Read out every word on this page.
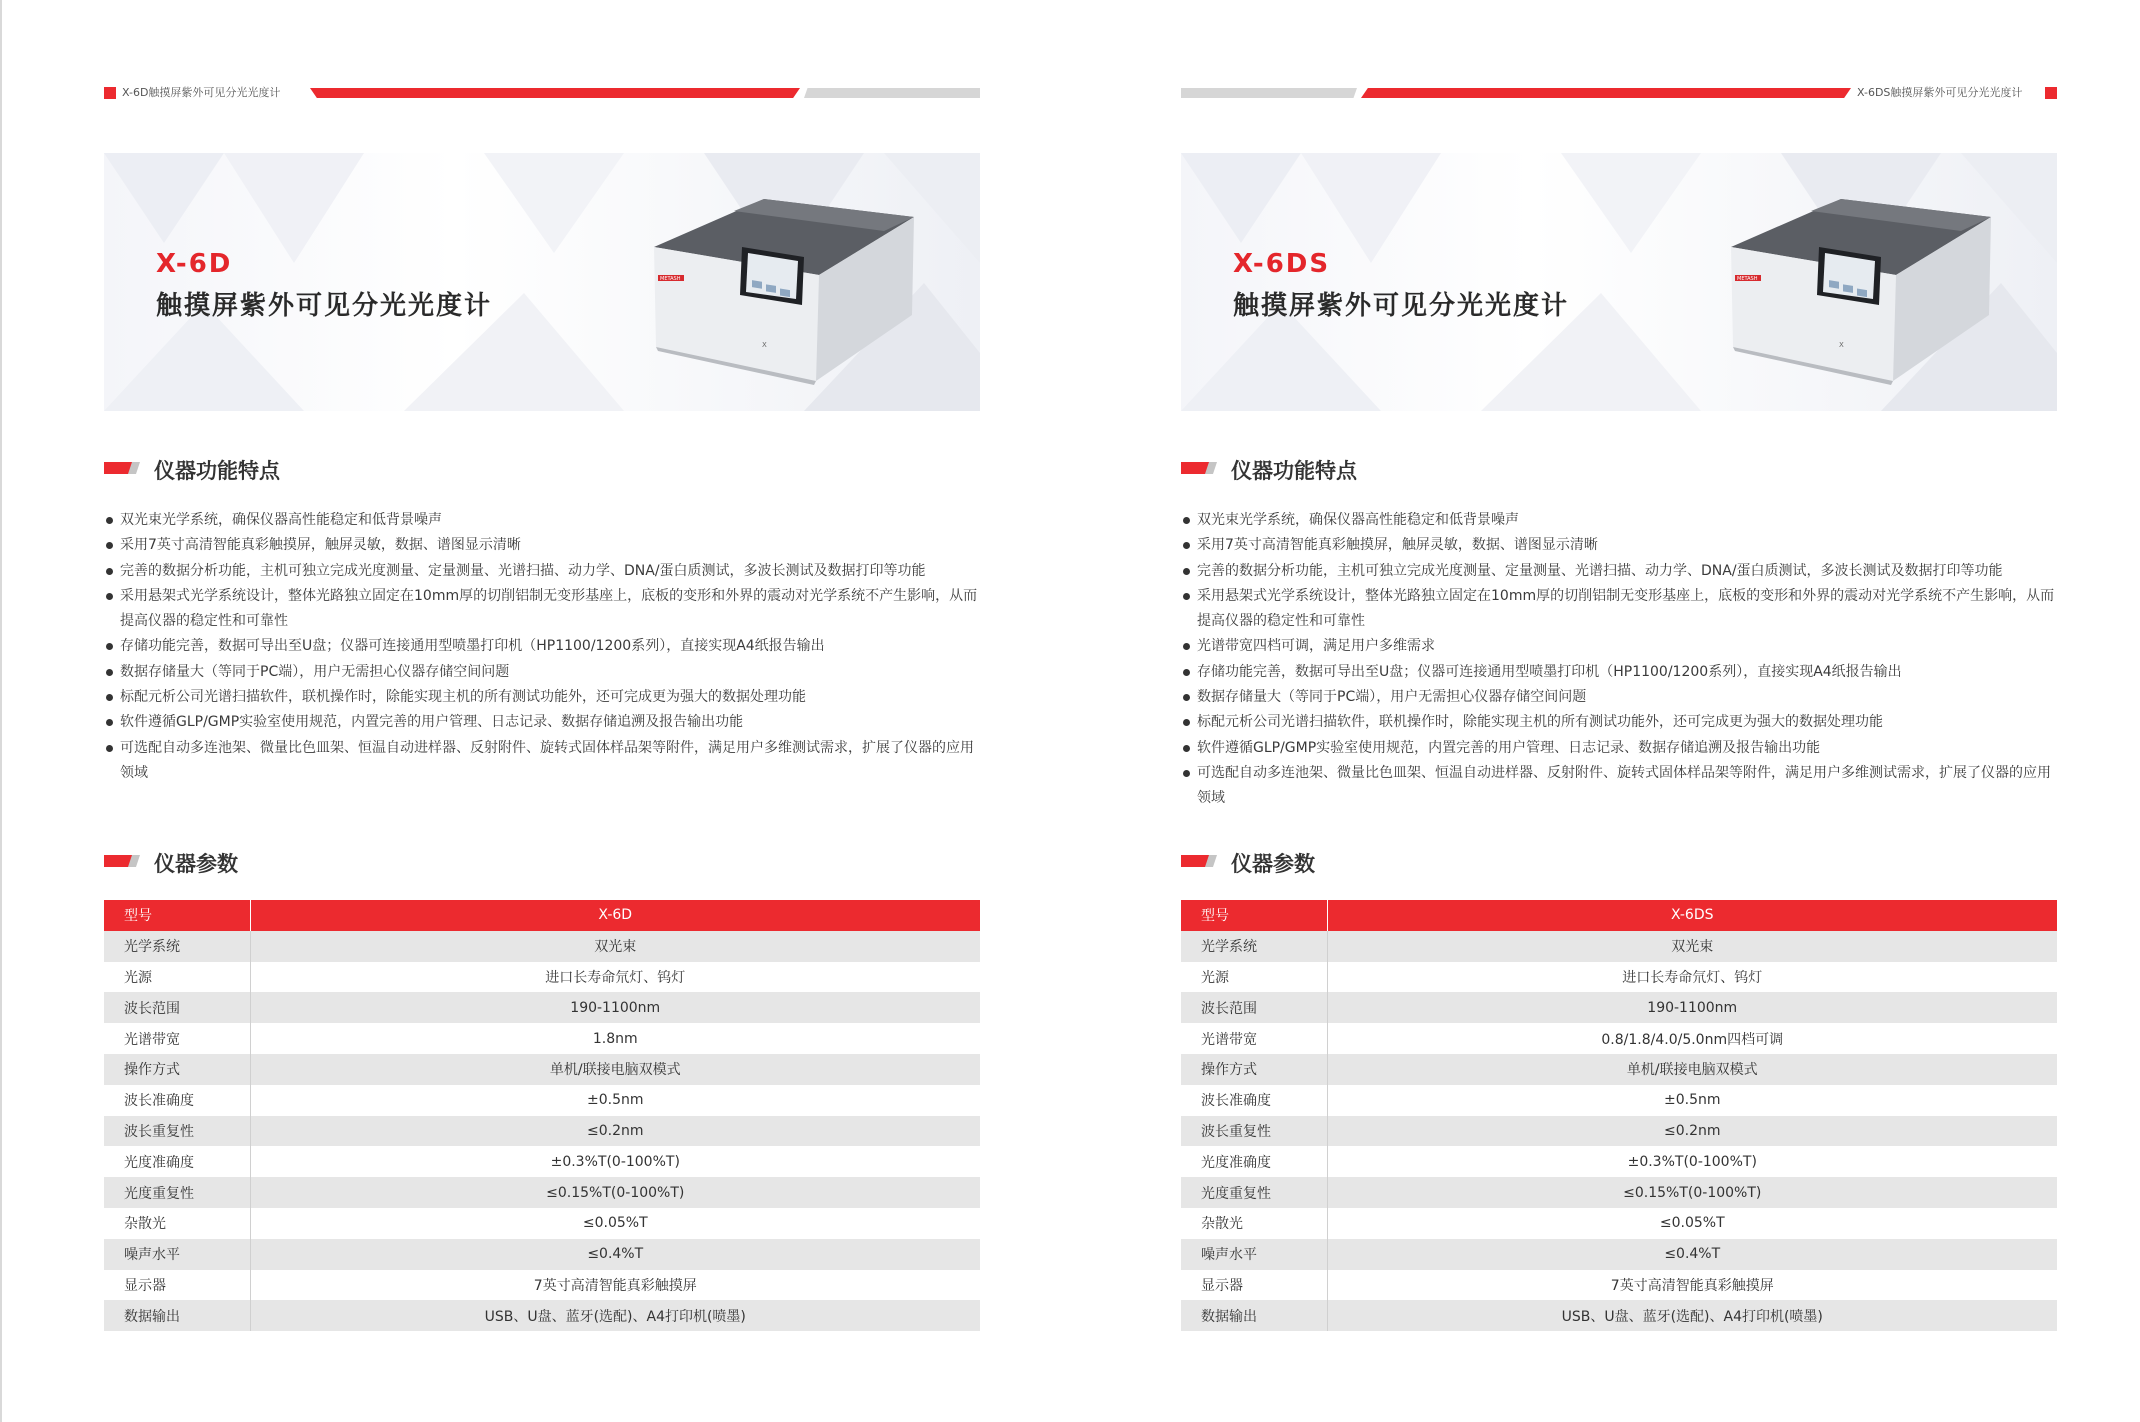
X-6D触摸屏紫外可见分光光度计
X-6D
触摸屏紫外可见分光光度计
METASH
X
仪器功能特点
双光束光学系统，确保仪器高性能稳定和低背景噪声
采用7英寸高清智能真彩触摸屏，触屏灵敏，数据、谱图显示清晰
完善的数据分析功能，主机可独立完成光度测量、定量测量、光谱扫描、动力学、DNA/蛋白质测试，多波长测试及数据打印等功能
采用悬架式光学系统设计，整体光路独立固定在10mm厚的切削铝制无变形基座上，底板的变形和外界的震动对光学系统不产生影响，从而提高仪器的稳定性和可靠性
存储功能完善，数据可导出至U盘；仪器可连接通用型喷墨打印机（HP1100/1200系列），直接实现A4纸报告输出
数据存储量大（等同于PC端），用户无需担心仪器存储空间问题
标配元析公司光谱扫描软件，联机操作时，除能实现主机的所有测试功能外，还可完成更为强大的数据处理功能
软件遵循GLP/GMP实验室使用规范，内置完善的用户管理、日志记录、数据存储追溯及报告输出功能
可选配自动多连池架、微量比色皿架、恒温自动进样器、反射附件、旋转式固体样品架等附件，满足用户多维测试需求，扩展了仪器的应用领域
仪器参数
型号	X-6D
光学系统	双光束
光源	进口长寿命氘灯、钨灯
波长范围	190-1100nm
光谱带宽	1.8nm
操作方式	单机/联接电脑双模式
波长准确度	±0.5nm
波长重复性	≤0.2nm
光度准确度	±0.3%T(0-100%T)
光度重复性	≤0.15%T(0-100%T)
杂散光	≤0.05%T
噪声水平	≤0.4%T
显示器	7英寸高清智能真彩触摸屏
数据输出	USB、U盘、蓝牙(选配)、A4打印机(喷墨)
X-6DS触摸屏紫外可见分光光度计
X-6DS
触摸屏紫外可见分光光度计
METASH
X
仪器功能特点
双光束光学系统，确保仪器高性能稳定和低背景噪声
采用7英寸高清智能真彩触摸屏，触屏灵敏，数据、谱图显示清晰
完善的数据分析功能，主机可独立完成光度测量、定量测量、光谱扫描、动力学、DNA/蛋白质测试，多波长测试及数据打印等功能
采用悬架式光学系统设计，整体光路独立固定在10mm厚的切削铝制无变形基座上，底板的变形和外界的震动对光学系统不产生影响，从而提高仪器的稳定性和可靠性
光谱带宽四档可调，满足用户多维需求
存储功能完善，数据可导出至U盘；仪器可连接通用型喷墨打印机（HP1100/1200系列），直接实现A4纸报告输出
数据存储量大（等同于PC端），用户无需担心仪器存储空间问题
标配元析公司光谱扫描软件，联机操作时，除能实现主机的所有测试功能外，还可完成更为强大的数据处理功能
软件遵循GLP/GMP实验室使用规范，内置完善的用户管理、日志记录、数据存储追溯及报告输出功能
可选配自动多连池架、微量比色皿架、恒温自动进样器、反射附件、旋转式固体样品架等附件，满足用户多维测试需求，扩展了仪器的应用领域
仪器参数
型号	X-6DS
光学系统	双光束
光源	进口长寿命氘灯、钨灯
波长范围	190-1100nm
光谱带宽	0.8/1.8/4.0/5.0nm四档可调
操作方式	单机/联接电脑双模式
波长准确度	±0.5nm
波长重复性	≤0.2nm
光度准确度	±0.3%T(0-100%T)
光度重复性	≤0.15%T(0-100%T)
杂散光	≤0.05%T
噪声水平	≤0.4%T
显示器	7英寸高清智能真彩触摸屏
数据输出	USB、U盘、蓝牙(选配)、A4打印机(喷墨)
